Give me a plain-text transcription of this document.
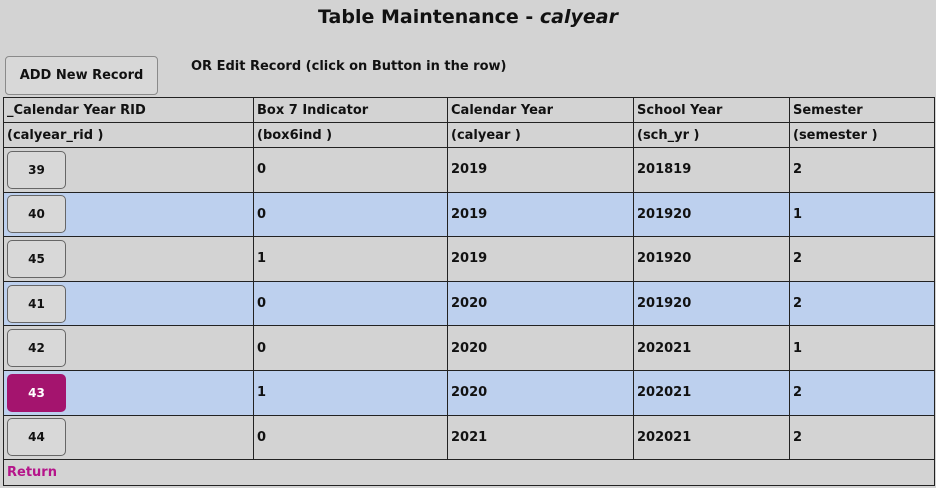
Table Maintenance - calyear
ADD New Record
OR Edit Record (click on Button in the row)
_Calendar Year RID	Box 7 Indicator	Calendar Year	School Year	Semester
(calyear_rid )	(box6ind )	(calyear )	(sch_yr )	(semester )

39	0	2019	201819	2

40	0	2019	201920	1

45	1	2019	201920	2

41	0	2020	201920	2

42	0	2020	202021	1

43	1	2020	202021	2

44	0	2021	202021	2
Return				
